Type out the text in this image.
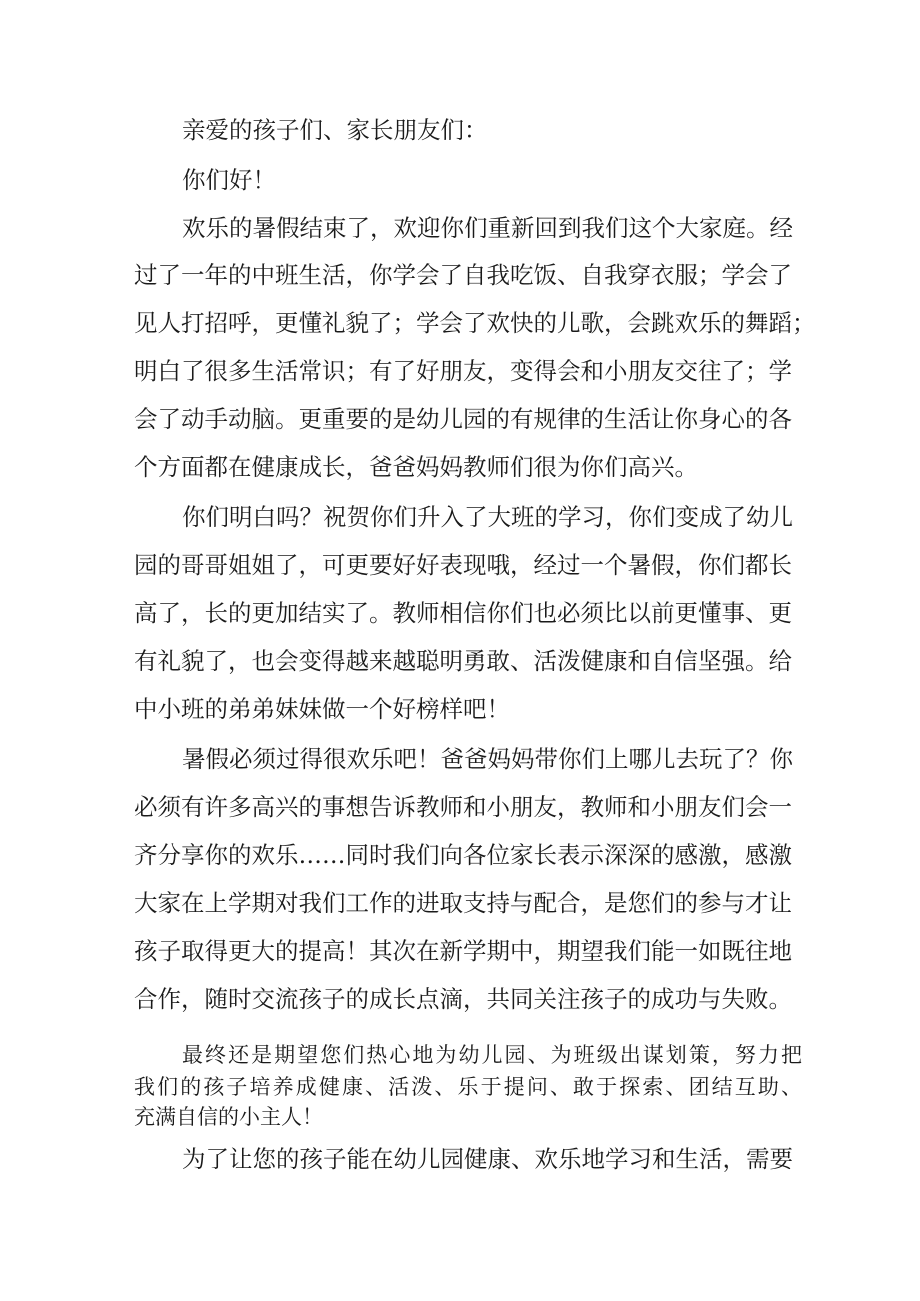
亲爱的孩子们、家长朋友们：

你们好！

欢乐的暑假结束了，欢迎你们重新回到我们这个大家庭。经

过了一年的中班生活，你学会了自我吃饭、自我穿衣服；学会了

见人打招呼，更懂礼貌了；学会了欢快的儿歌，会跳欢乐的舞蹈；

明白了很多生活常识；有了好朋友，变得会和小朋友交往了；学

会了动手动脑。更重要的是幼儿园的有规律的生活让你身心的各

个方面都在健康成长，爸爸妈妈教师们很为你们高兴。

你们明白吗？祝贺你们升入了大班的学习，你们变成了幼儿

园的哥哥姐姐了，可更要好好表现哦，经过一个暑假，你们都长

高了，长的更加结实了。教师相信你们也必须比以前更懂事、更

有礼貌了，也会变得越来越聪明勇敢、活泼健康和自信坚强。给

中小班的弟弟妹妹做一个好榜样吧！

暑假必须过得很欢乐吧！爸爸妈妈带你们上哪儿去玩了？你

必须有许多高兴的事想告诉教师和小朋友，教师和小朋友们会一

齐分享你的欢乐……同时我们向各位家长表示深深的感激，感激

大家在上学期对我们工作的进取支持与配合，是您们的参与才让

孩子取得更大的提高！其次在新学期中，期望我们能一如既往地

合作，随时交流孩子的成长点滴，共同关注孩子的成功与失败。

最终还是期望您们热心地为幼儿园、为班级出谋划策，努力把

我们的孩子培养成健康、活泼、乐于提问、敢于探索、团结互助、

充满自信的小主人！

为了让您的孩子能在幼儿园健康、欢乐地学习和生活，需要
